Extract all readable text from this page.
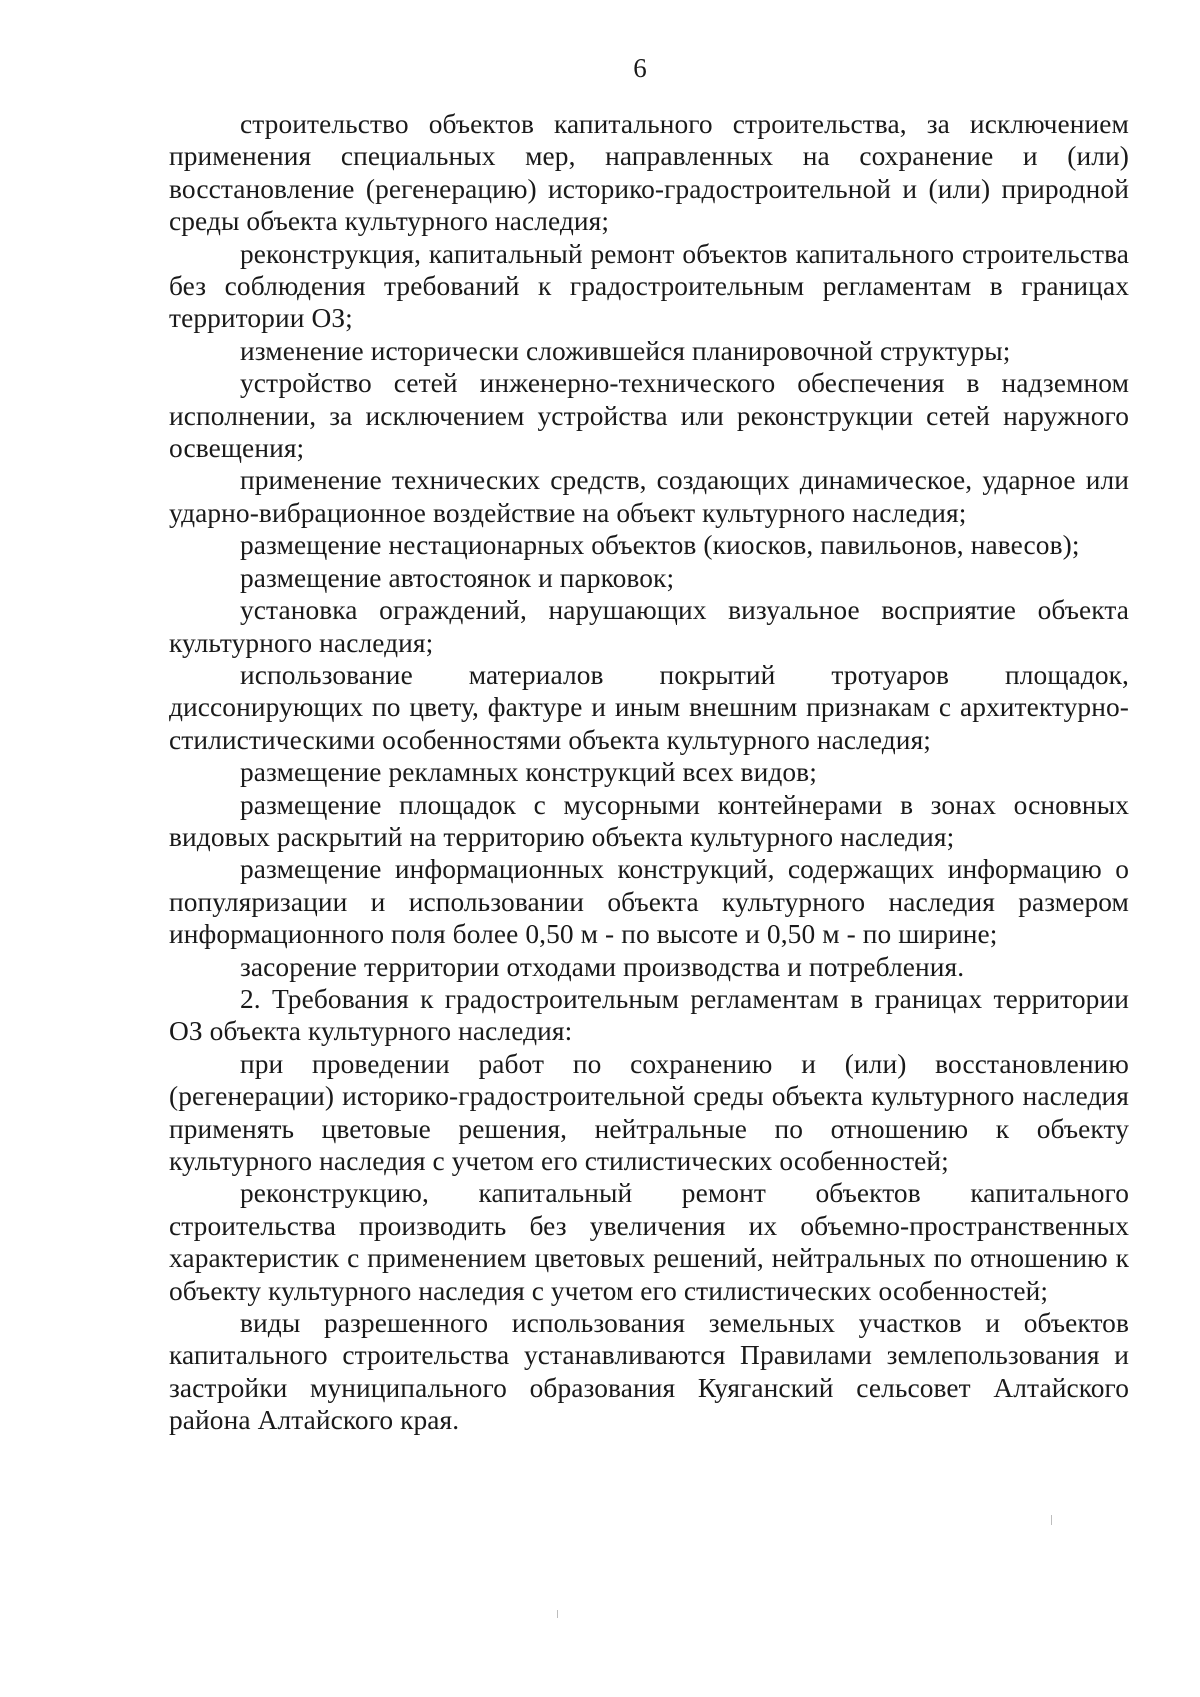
6

строительство объектов капитального строительства, за исключением применения специальных мер, направленных на сохранение и (или) восстановление (регенерацию) историко-градостроительной и (или) природной среды объекта культурного наследия;

реконструкция, капитальный ремонт объектов капитального строительства без соблюдения требований к градостроительным регламентам в границах территории ОЗ;

изменение исторически сложившейся планировочной структуры;

устройство сетей инженерно-технического обеспечения в надземном исполнении, за исключением устройства или реконструкции сетей наружного освещения;

применение технических средств, создающих динамическое, ударное или ударно-вибрационное воздействие на объект культурного наследия;

размещение нестационарных объектов (киосков, павильонов, навесов);

размещение автостоянок и парковок;

установка ограждений, нарушающих визуальное восприятие объекта культурного наследия;

использование материалов покрытий тротуаров площадок, диссонирующих по цвету, фактуре и иным внешним признакам с архитектурно-стилистическими особенностями объекта культурного наследия;

размещение рекламных конструкций всех видов;

размещение площадок с мусорными контейнерами в зонах основных видовых раскрытий на территорию объекта культурного наследия;

размещение информационных конструкций, содержащих информацию о популяризации и использовании объекта культурного наследия размером информационного поля более 0,50 м - по высоте и 0,50 м - по ширине;

засорение территории отходами производства и потребления.

2. Требования к градостроительным регламентам в границах территории ОЗ объекта культурного наследия:

при проведении работ по сохранению и (или) восстановлению (регенерации) историко-градостроительной среды объекта культурного наследия применять цветовые решения, нейтральные по отношению к объекту культурного наследия с учетом его стилистических особенностей;

реконструкцию, капитальный ремонт объектов капитального строительства производить без увеличения их объемно-пространственных характеристик с применением цветовых решений, нейтральных по отношению к объекту культурного наследия с учетом его стилистических особенностей;

виды разрешенного использования земельных участков и объектов капитального строительства устанавливаются Правилами землепользования и застройки муниципального образования Куяганский сельсовет Алтайского района Алтайского края.
